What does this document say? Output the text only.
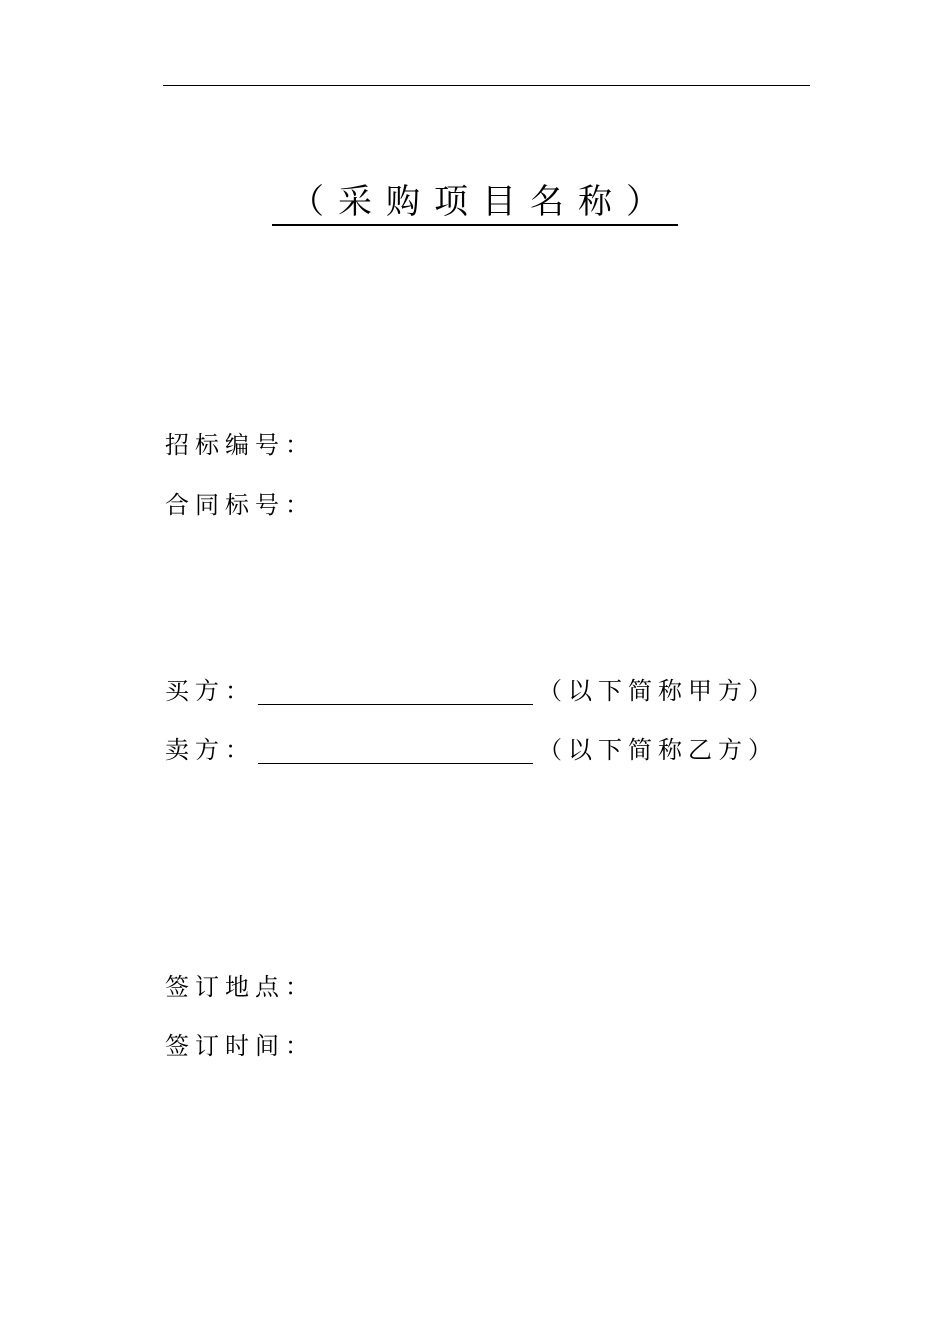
（采购项目名称）
招标编号：
合同标号：
买方：	（以下简称甲方）
卖方：	（以下简称乙方）
签订地点：
签订时间：
